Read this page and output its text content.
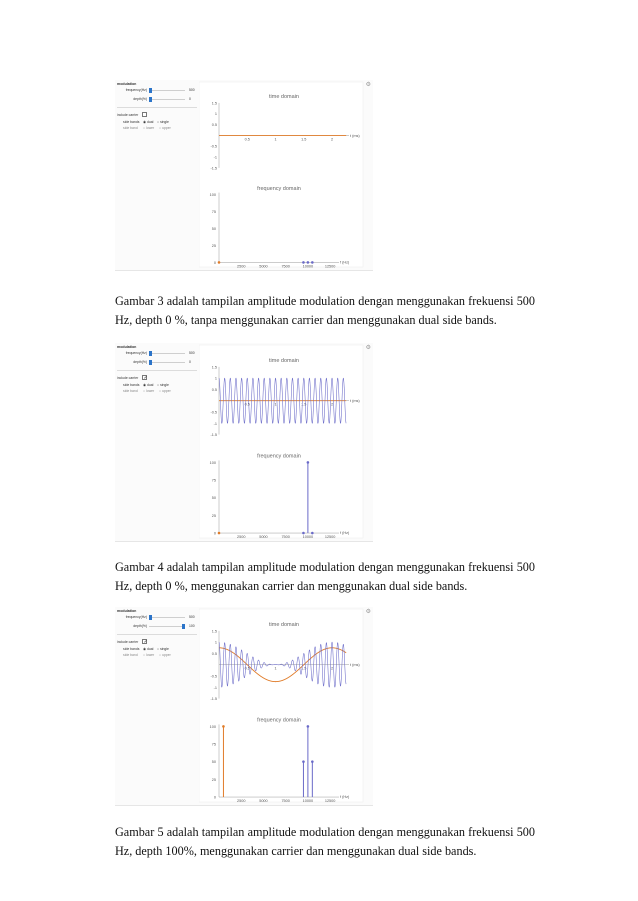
modulation
frequency(Hz)	500
depth(%)	0
include carrier
side bands ◉dual ○single
side band ○lower ○upper
time domain
1.5
1
0.5
-0.5
-1
-1.5
0.5	1	1.5	2
t (ms)
frequency domain
100
75
50
25
0
2500	5000	7500	10000	12500
f (Hz)
⚙
Gambar 3 adalah tampilan amplitude modulation dengan menggunakan frekuensi 500
Hz, depth 0 %, tanpa menggunakan carrier dan menggunakan dual side bands.
modulation
frequency(Hz)	500
depth(%)	0
include carrier ✓
side bands ◉dual ○single
side band ○lower ○upper
time domain
1.5
1
0.5
-0.5
-1
-1.5
0.5	1	1.5	2
t (ms)
frequency domain
100
75
50
25
0
2500	5000	7500	10000	12500
f (Hz)
⚙
Gambar 4 adalah tampilan amplitude modulation dengan menggunakan frekuensi 500
Hz, depth 0 %, menggunakan carrier dan menggunakan dual side bands.
modulation
frequency(Hz)	500
depth(%)	100
include carrier ✓
side bands ◉dual ○single
side band ○lower ○upper
time domain
1.5
1
0.5
-0.5
-1
-1.5
0.5	1	1.5	2
t (ms)
frequency domain
100
75
50
25
0
2500	5000	7500	10000	12500
f (Hz)
⚙
Gambar 5 adalah tampilan amplitude modulation dengan menggunakan frekuensi 500
Hz, depth 100%, menggunakan carrier dan menggunakan dual side bands.
